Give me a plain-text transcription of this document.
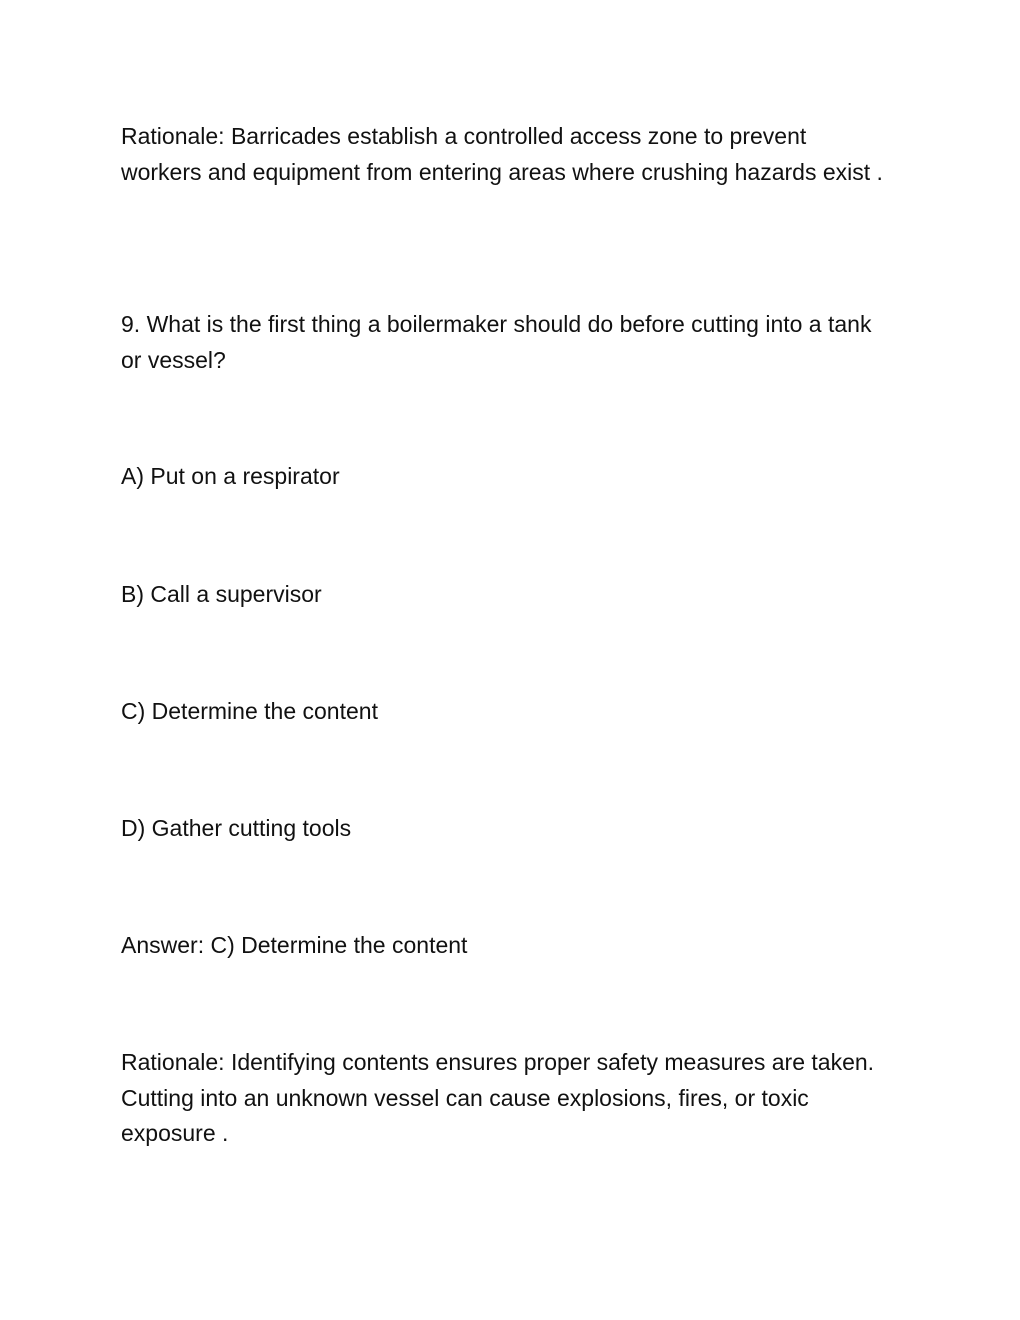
Rationale: Barricades establish a controlled access zone to prevent workers and equipment from entering areas where crushing hazards exist .

9. What is the first thing a boilermaker should do before cutting into a tank or vessel?

A) Put on a respirator

B) Call a supervisor

C) Determine the content

D) Gather cutting tools

Answer: C) Determine the content

Rationale: Identifying contents ensures proper safety measures are taken. Cutting into an unknown vessel can cause explosions, fires, or toxic exposure .
